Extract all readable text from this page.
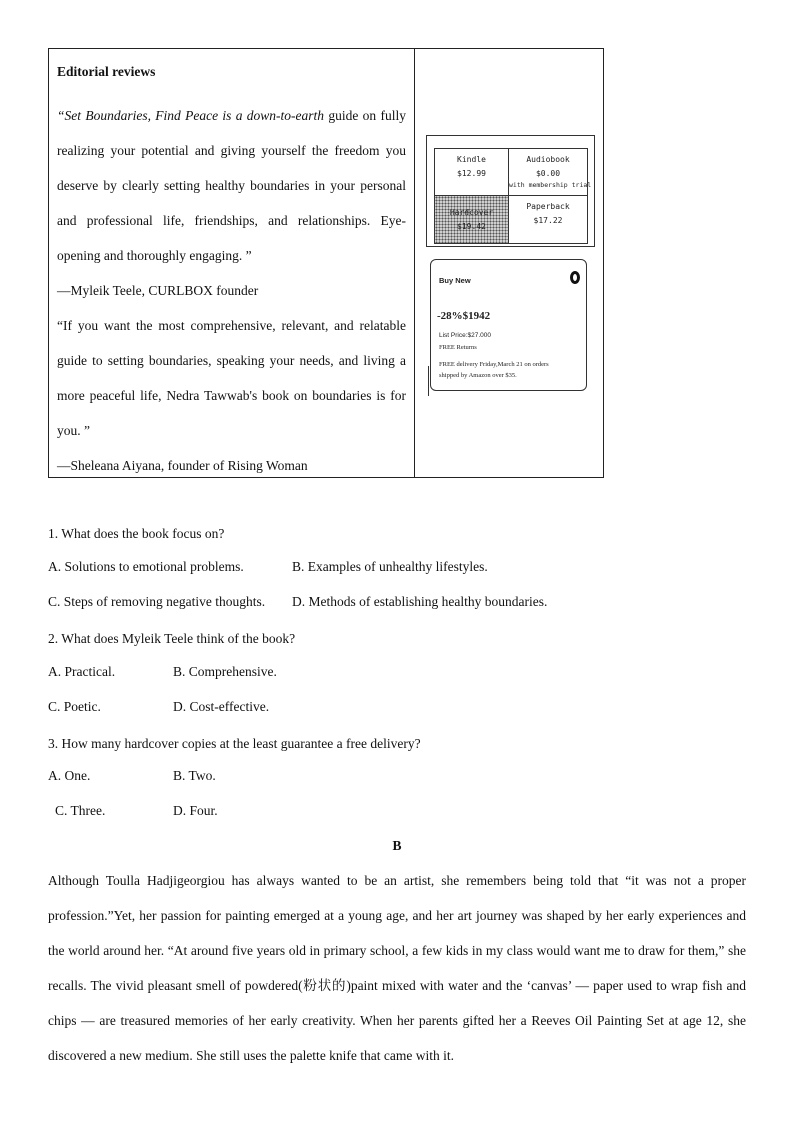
Editorial reviews

“Set Boundaries, Find Peace is a down-to-earth guide on fully realizing your potential and giving yourself the freedom you deserve by clearly setting healthy boundaries in your personal and professional life, friendships, and relationships. Eye-opening and thoroughly engaging. ”

—Myleik Teele, CURLBOX founder

“If you want the most comprehensive, relevant, and relatable guide to setting boundaries, speaking your needs, and living a more peaceful life, Nedra Tawwab's book on boundaries is for you. ”

—Sheleana Aiyana, founder of Rising Woman

Kindle
$12.99
Audiobook
$0.00
with membership trial
Hardcover
$19.42
Paperback
$17.22
Buy New
-28%$1942
List Price:$27.000
FREE Returns
FREE delivery Friday,March 21 on orders
shipped by Amazon over $35.
1. What does the book focus on?
A. Solutions to emotional problems.	B. Examples of unhealthy lifestyles.
C. Steps of removing negative thoughts. D. Methods of establishing healthy boundaries.
2. What does Myleik Teele think of the book?
A. Practical.	B. Comprehensive.
C. Poetic.	D. Cost-effective.
3. How many hardcover copies at the least guarantee a free delivery?
A. One.	B. Two.
C. Three.	D. Four.
B

Although Toulla Hadjigeorgiou has always wanted to be an artist, she remembers being told that “it was not a proper profession.”Yet, her passion for painting emerged at a young age, and her art journey was shaped by her early experiences and the world around her. “At around five years old in primary school, a few kids in my class would want me to draw for them,” she recalls. The vivid pleasant smell of powdered(粉状的)paint mixed with water and the ‘canvas’ — paper used to wrap fish and chips — are treasured memories of her early creativity. When her parents gifted her a Reeves Oil Painting Set at age 12, she discovered a new medium. She still uses the palette knife that came with it.
